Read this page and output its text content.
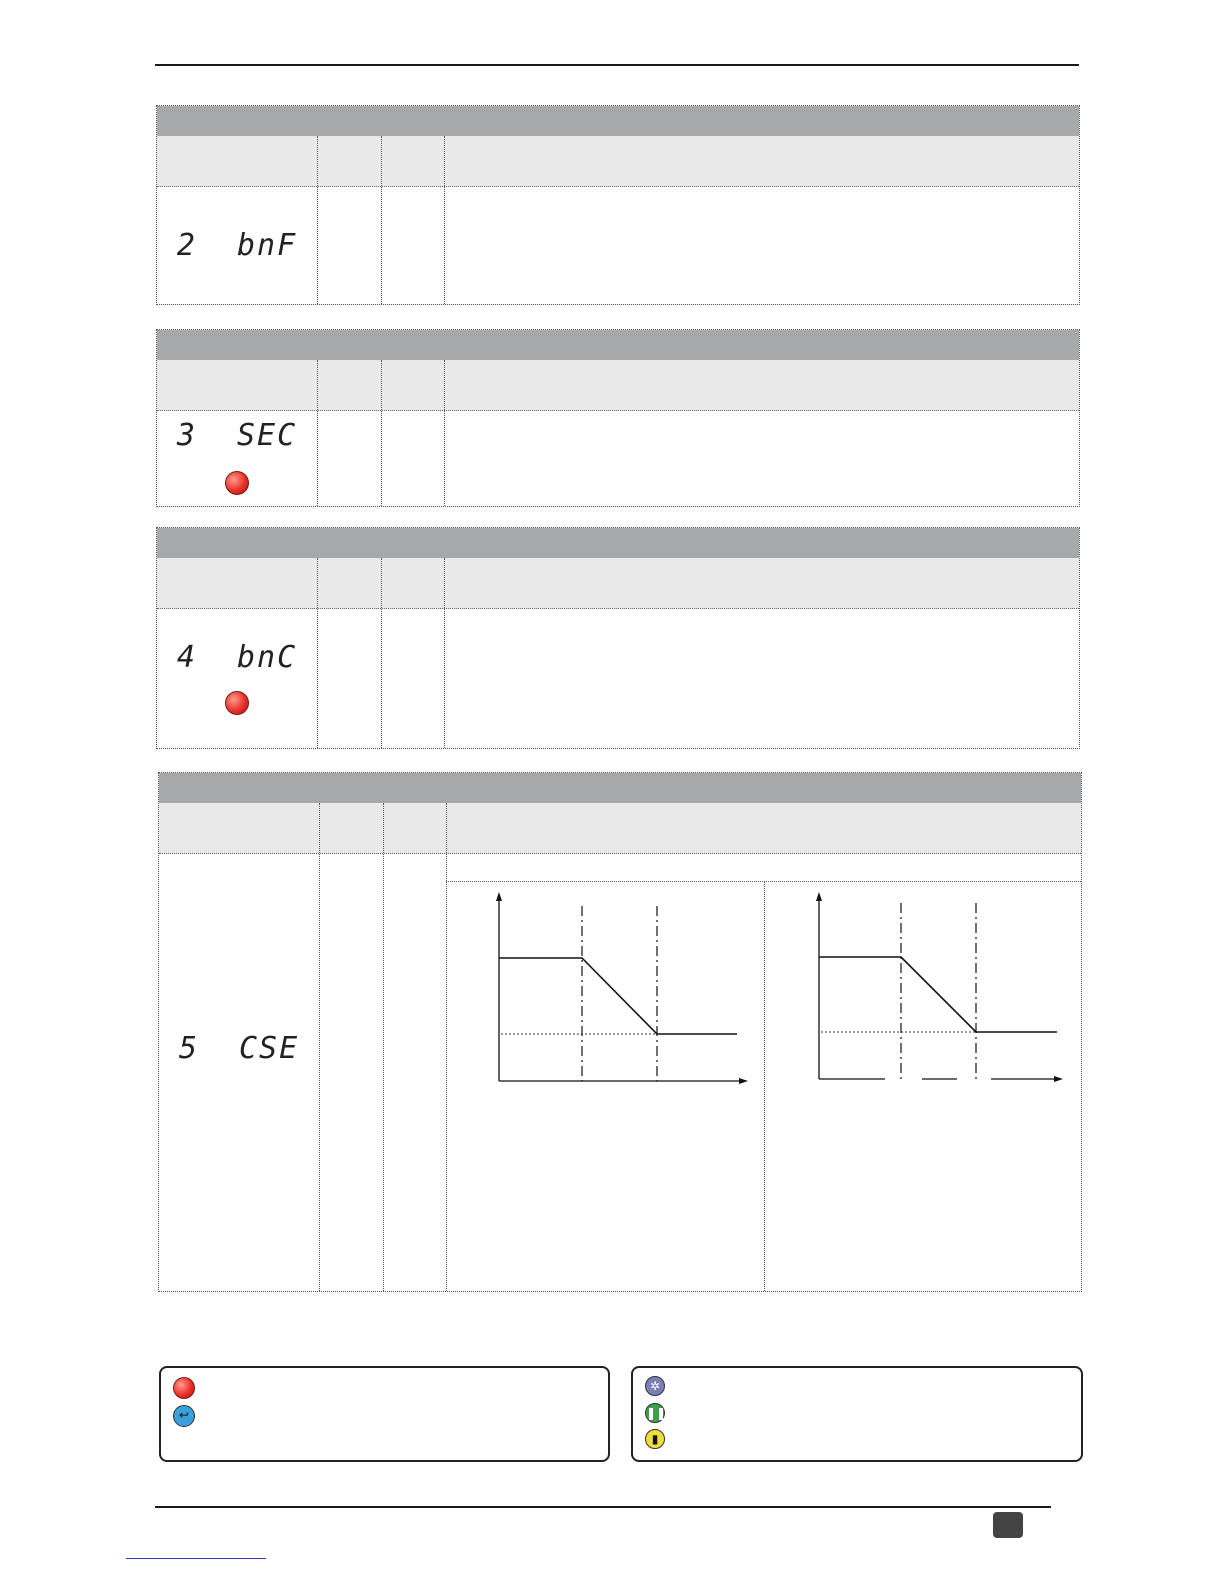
2  bnF
3  SEC
4  bnC
5  CSE
↩
✲
❚❚
▮
